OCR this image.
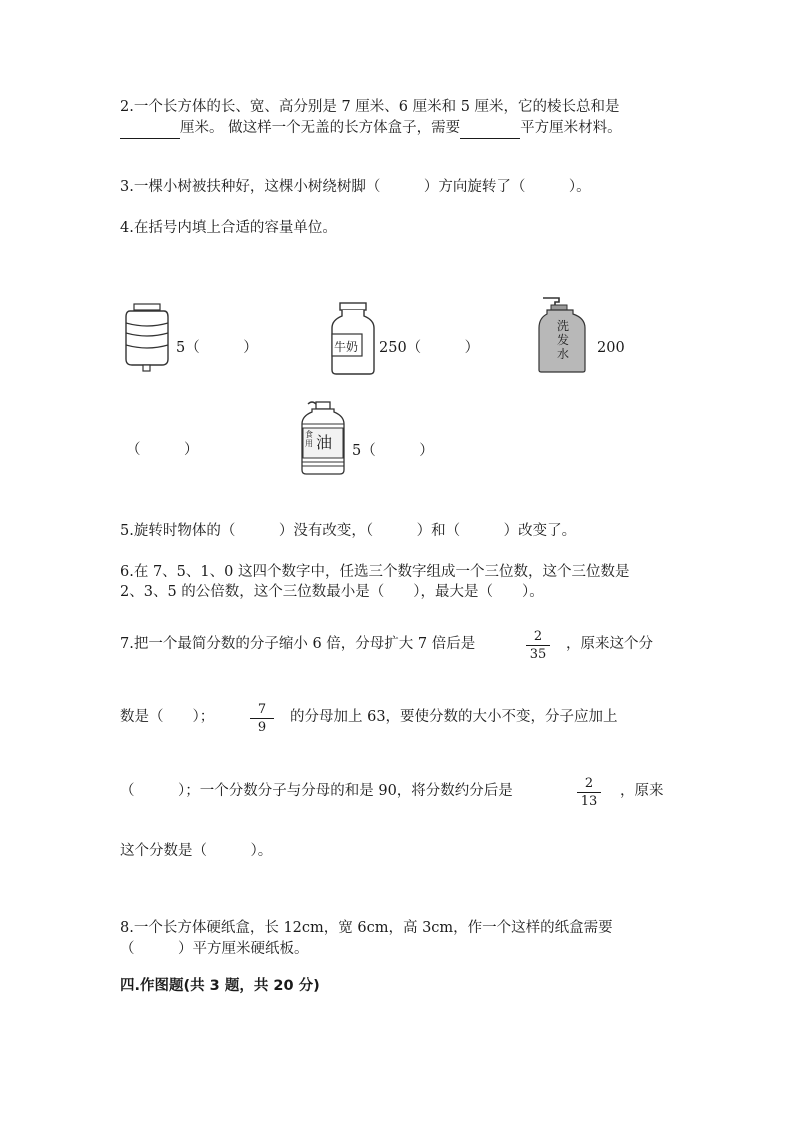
2.一个长方体的长、宽、高分别是 7 厘米、6 厘米和 5 厘米，它的棱长总和是
厘米。 做这样一个无盖的长方体盒子，需要	平方厘米材料。
3.一棵小树被扶种好，这棵小树绕树脚（　　　）方向旋转了（　　　）。
4.在括号内填上合适的容量单位。
5（　　　）	牛奶 250（　　　）
洗
发
水 200
（　　　）
食
用 油 5（　　　）
5.旋转时物体的（　　　）没有改变，（　　　）和（　　　）改变了。
6.在 7、5、1、0 这四个数字中，任选三个数字组成一个三位数，这个三位数是
2、3、5 的公倍数，这个三位数最小是（　　），最大是（　　）。
7.把一个最简分数的分子缩小 6 倍，分母扩大 7 倍后是	2
35
，原来这个分
数是（　　）；	7
9
的分母加上 63，要使分数的大小不变，分子应加上
（　　　）；一个分数分子与分母的和是 90，将分数约分后是	2
13
，原来
这个分数是（　　　）。
8.一个长方体硬纸盒，长 12cm，宽 6cm，高 3cm，作一个这样的纸盒需要
（　　　）平方厘米硬纸板。
四.作图题(共 3 题，共 20 分)
